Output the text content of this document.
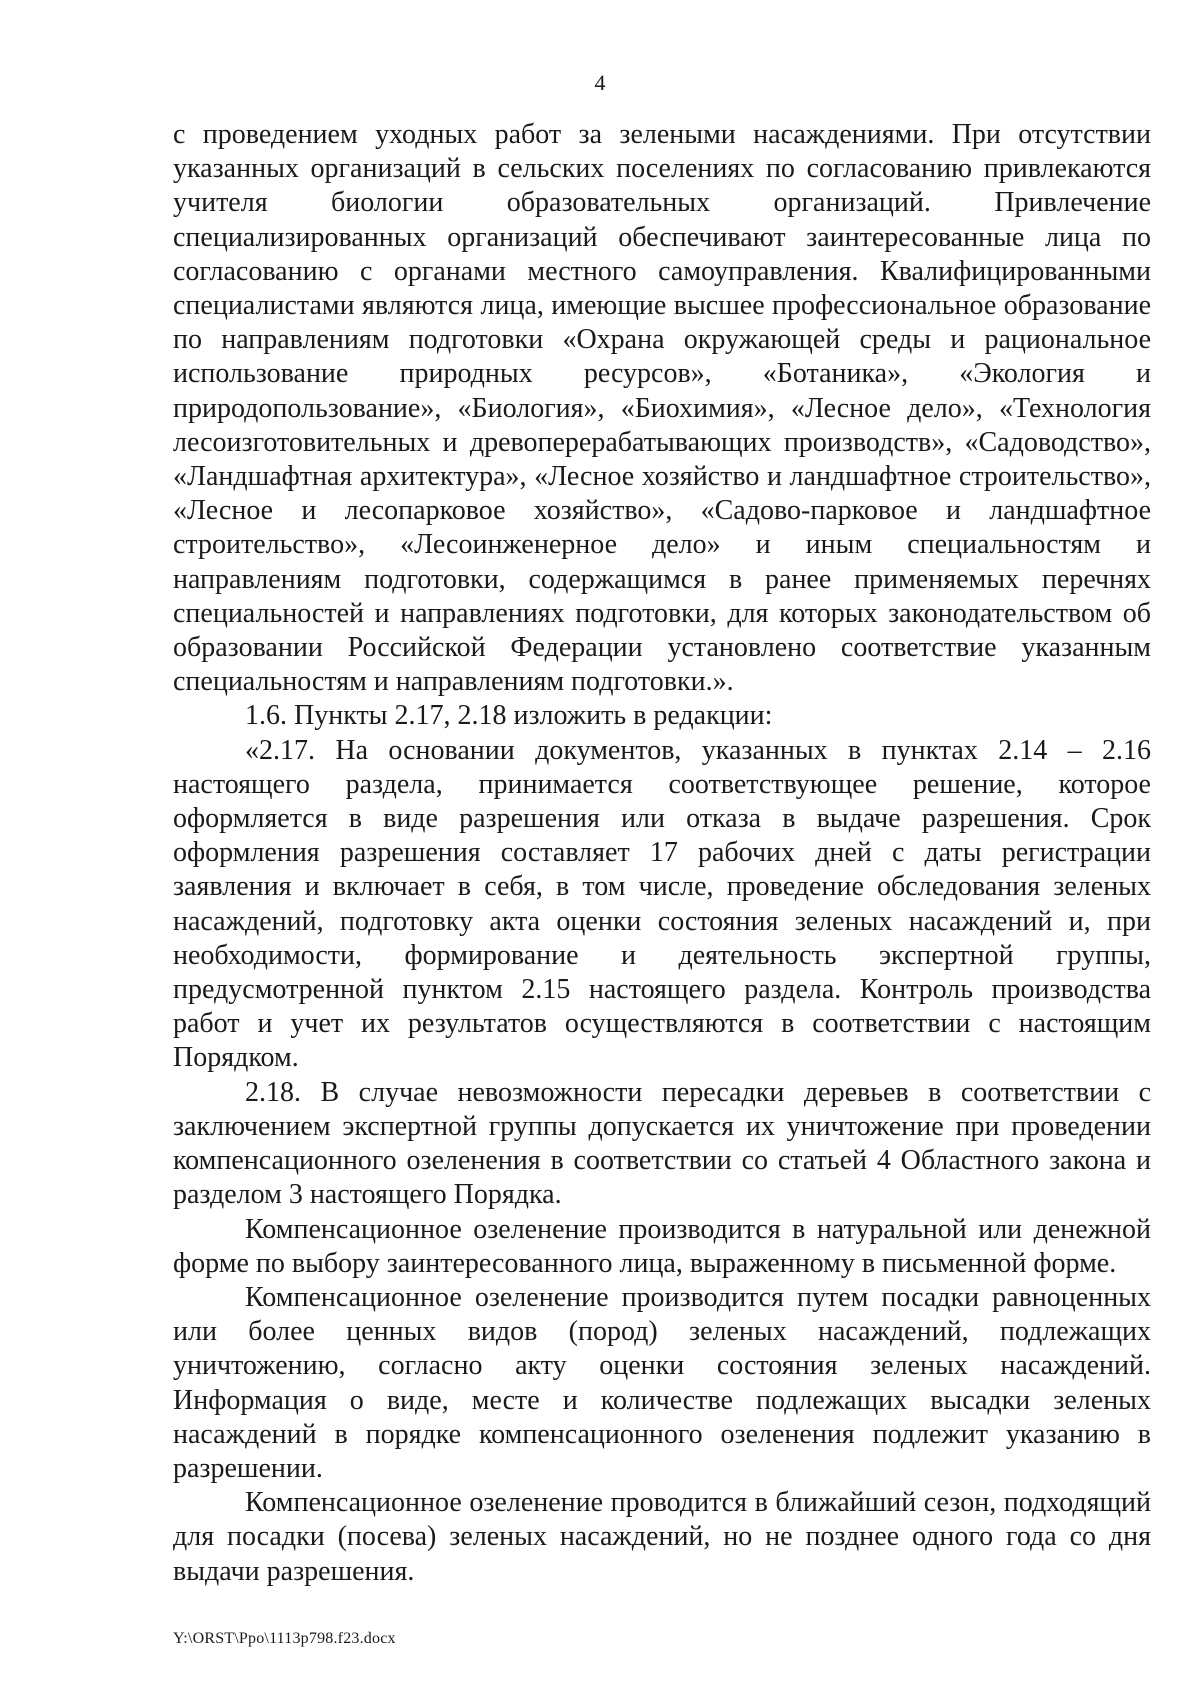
4

с проведением уходных работ за зелеными насаждениями. При отсутствии указанных организаций в сельских поселениях по согласованию привлекаются учителя биологии образовательных организаций. Привлечение специализированных организаций обеспечивают заинтересованные лица по согласованию с органами местного самоуправления. Квалифицированными специалистами являются лица, имеющие высшее профессиональное образование по направлениям подготовки «Охрана окружающей среды и рациональное использование природных ресурсов», «Ботаника», «Экология и природопользование», «Биология», «Биохимия», «Лесное дело», «Технология лесоизготовительных и древоперерабатывающих производств», «Садоводство», «Ландшафтная архитектура», «Лесное хозяйство и ландшафтное строительство», «Лесное и лесопарковое хозяйство», «Садово-парковое и ландшафтное строительство», «Лесоинженерное дело» и иным специальностям и направлениям подготовки, содержащимся в ранее применяемых перечнях специальностей и направлениях подготовки, для которых законодательством об образовании Российской Федерации установлено соответствие указанным специальностям и направлениям подготовки.».

1.6. Пункты 2.17, 2.18 изложить в редакции:

«2.17. На основании документов, указанных в пунктах 2.14 – 2.16 настоящего раздела, принимается соответствующее решение, которое оформляется в виде разрешения или отказа в выдаче разрешения. Срок оформления разрешения составляет 17 рабочих дней с даты регистрации заявления и включает в себя, в том числе, проведение обследования зеленых насаждений, подготовку акта оценки состояния зеленых насаждений и, при необходимости, формирование и деятельность экспертной группы, предусмотренной пунктом 2.15 настоящего раздела. Контроль производства работ и учет их результатов осуществляются в соответствии с настоящим Порядком.

2.18. В случае невозможности пересадки деревьев в соответствии с заключением экспертной группы допускается их уничтожение при проведении компенсационного озеленения в соответствии со статьей 4 Областного закона и разделом 3 настоящего Порядка.

Компенсационное озеленение производится в натуральной или денежной форме по выбору заинтересованного лица, выраженному в письменной форме.

Компенсационное озеленение производится путем посадки равноценных или более ценных видов (пород) зеленых насаждений, подлежащих уничтожению, согласно акту оценки состояния зеленых насаждений. Информация о виде, месте и количестве подлежащих высадки зеленых насаждений в порядке компенсационного озеленения подлежит указанию в разрешении.

Компенсационное озеленение проводится в ближайший сезон, подходящий для посадки (посева) зеленых насаждений, но не позднее одного года со дня выдачи разрешения.

Y:\ORST\Ppo\1113p798.f23.docx
